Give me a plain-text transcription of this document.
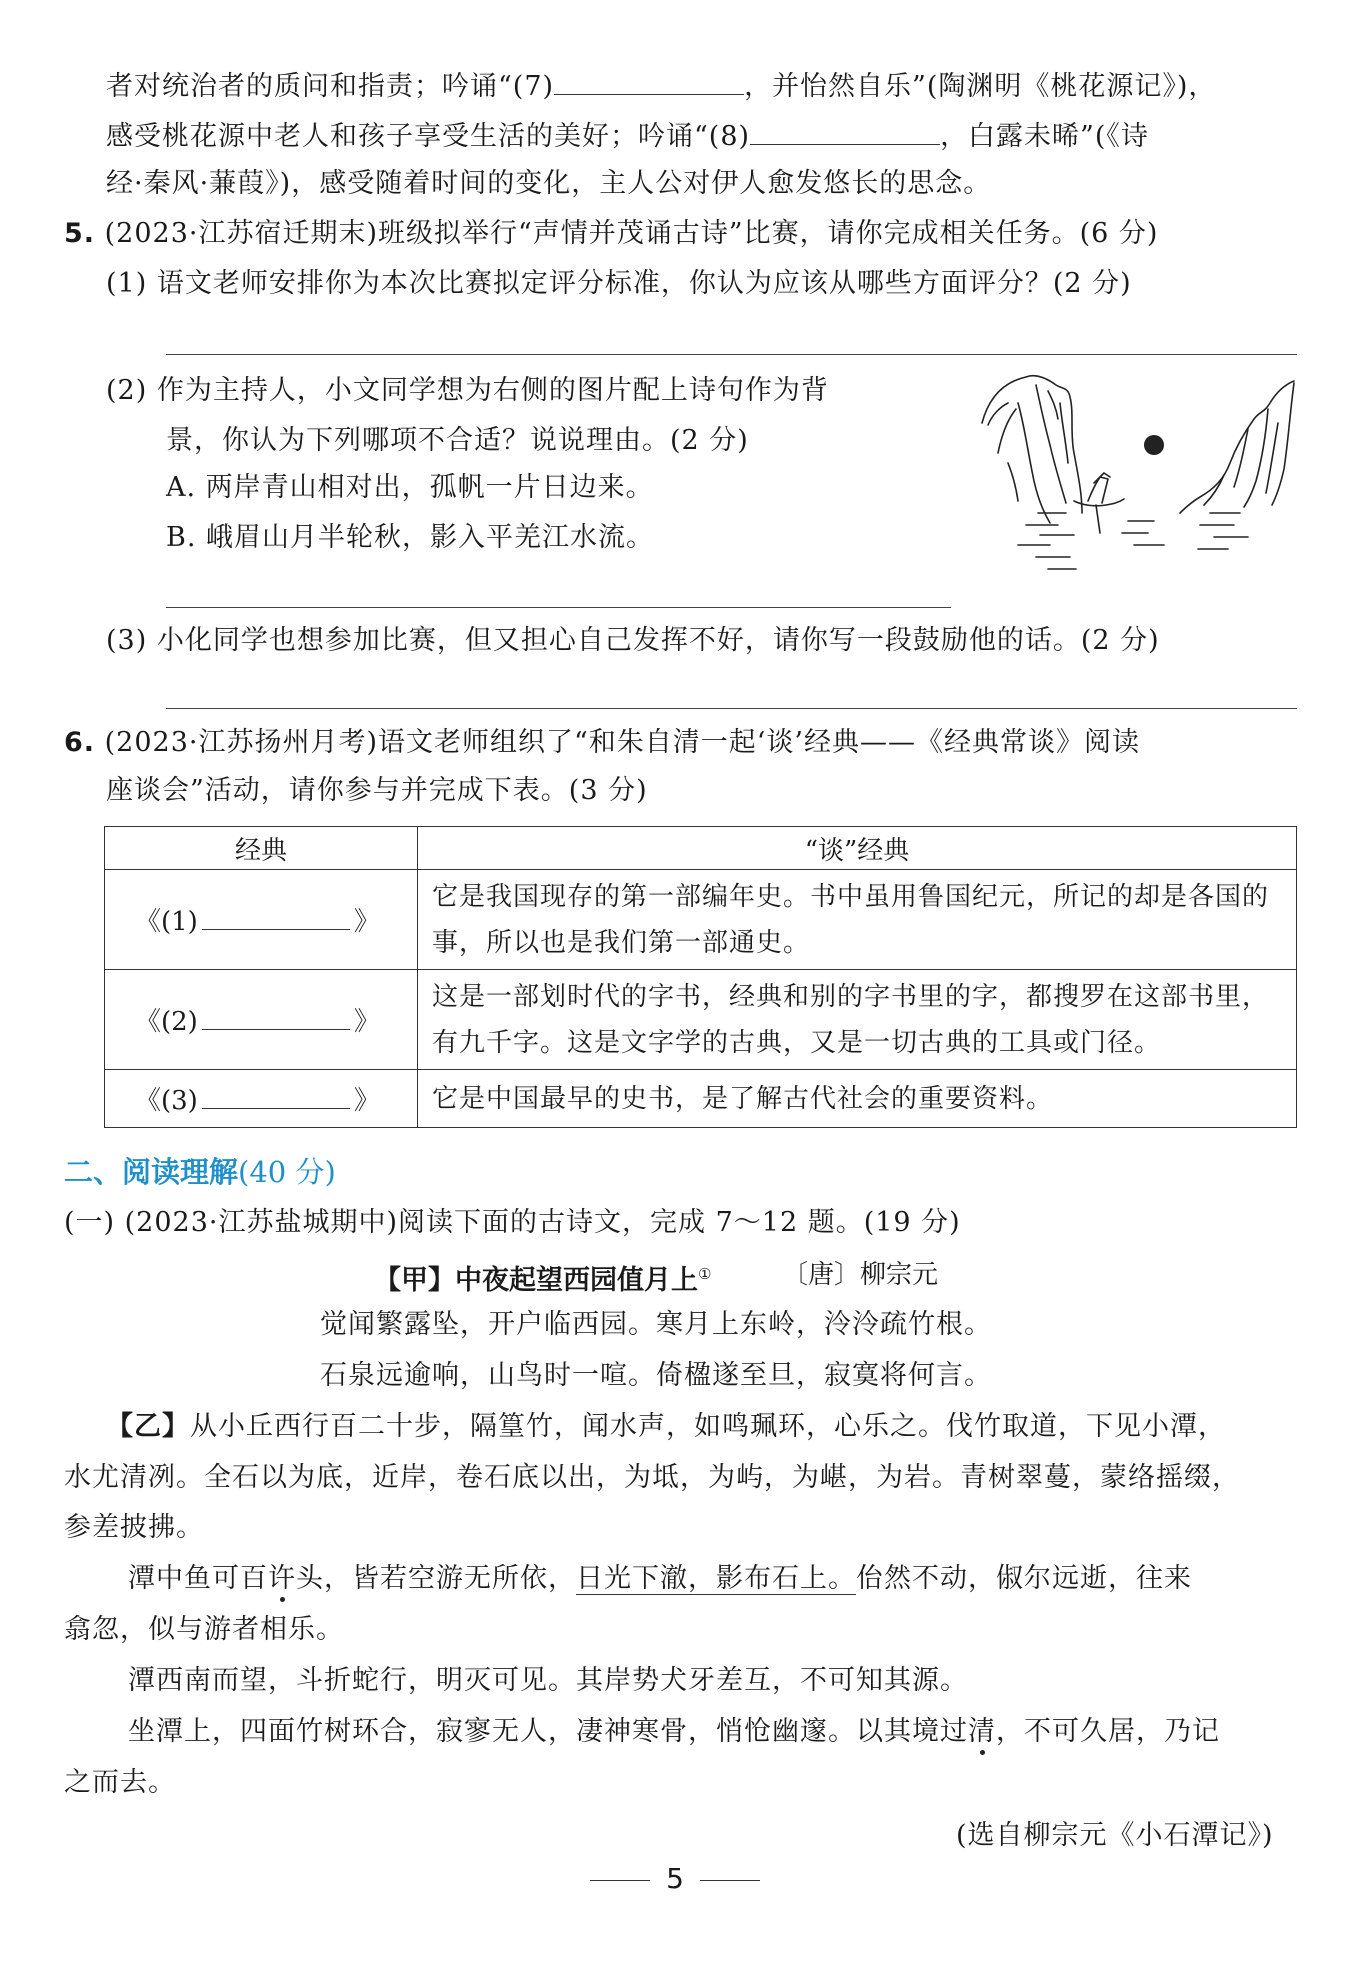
者对统治者的质问和指责；吟诵“(7)	，并怡然自乐”(陶渊明《桃花源记》)，
感受桃花源中老人和孩子享受生活的美好；吟诵“(8)	，白露未晞”(《诗
经·秦风·蒹葭》)，感受随着时间的变化，主人公对伊人愈发悠长的思念。
5. (2023·江苏宿迁期末)班级拟举行“声情并茂诵古诗”比赛，请你完成相关任务。(6 分)
(1) 语文老师安排你为本次比赛拟定评分标准，你认为应该从哪些方面评分？(2 分)
(2) 作为主持人，小文同学想为右侧的图片配上诗句作为背
景，你认为下列哪项不合适？说说理由。(2 分)
A. 两岸青山相对出，孤帆一片日边来。
B. 峨眉山月半轮秋，影入平羌江水流。
(3) 小化同学也想参加比赛，但又担心自己发挥不好，请你写一段鼓励他的话。(2 分)
6. (2023·江苏扬州月考)语文老师组织了“和朱自清一起‘谈’经典——《经典常谈》阅读
座谈会”活动，请你参与并完成下表。(3 分)
经典	“谈”经典
《(1) 》	它是我国现存的第一部编年史。书中虽用鲁国纪元，所记的却是各国的事，所以也是我们第一部通史。

《(2) 》	这是一部划时代的字书，经典和别的字书里的字，都搜罗在这部书里，有九千字。这是文字学的古典，又是一切古典的工具或门径。

《(3) 》	它是中国最早的史书，是了解古代社会的重要资料。
二、阅读理解(40 分)
(一) (2023·江苏盐城期中)阅读下面的古诗文，完成 7～12 题。(19 分)
【甲】中夜起望西园值月上①	〔唐〕柳宗元
觉闻繁露坠，开户临西园。寒月上东岭，泠泠疏竹根。
石泉远逾响，山鸟时一喧。倚楹遂至旦，寂寞将何言。
【乙】从小丘西行百二十步，隔篁竹，闻水声，如鸣珮环，心乐之。伐竹取道，下见小潭，
水尤清冽。全石以为底，近岸，卷石底以出，为坻，为屿，为嵁，为岩。青树翠蔓，蒙络摇缀，
参差披拂。
潭中鱼可百许头，皆若空游无所依，日光下澈，影布石上。佁然不动，俶尔远逝，往来
翕忽，似与游者相乐。
潭西南而望，斗折蛇行，明灭可见。其岸势犬牙差互，不可知其源。
坐潭上，四面竹树环合，寂寥无人，凄神寒骨，悄怆幽邃。以其境过清，不可久居，乃记
之而去。
(选自柳宗元《小石潭记》)
5
